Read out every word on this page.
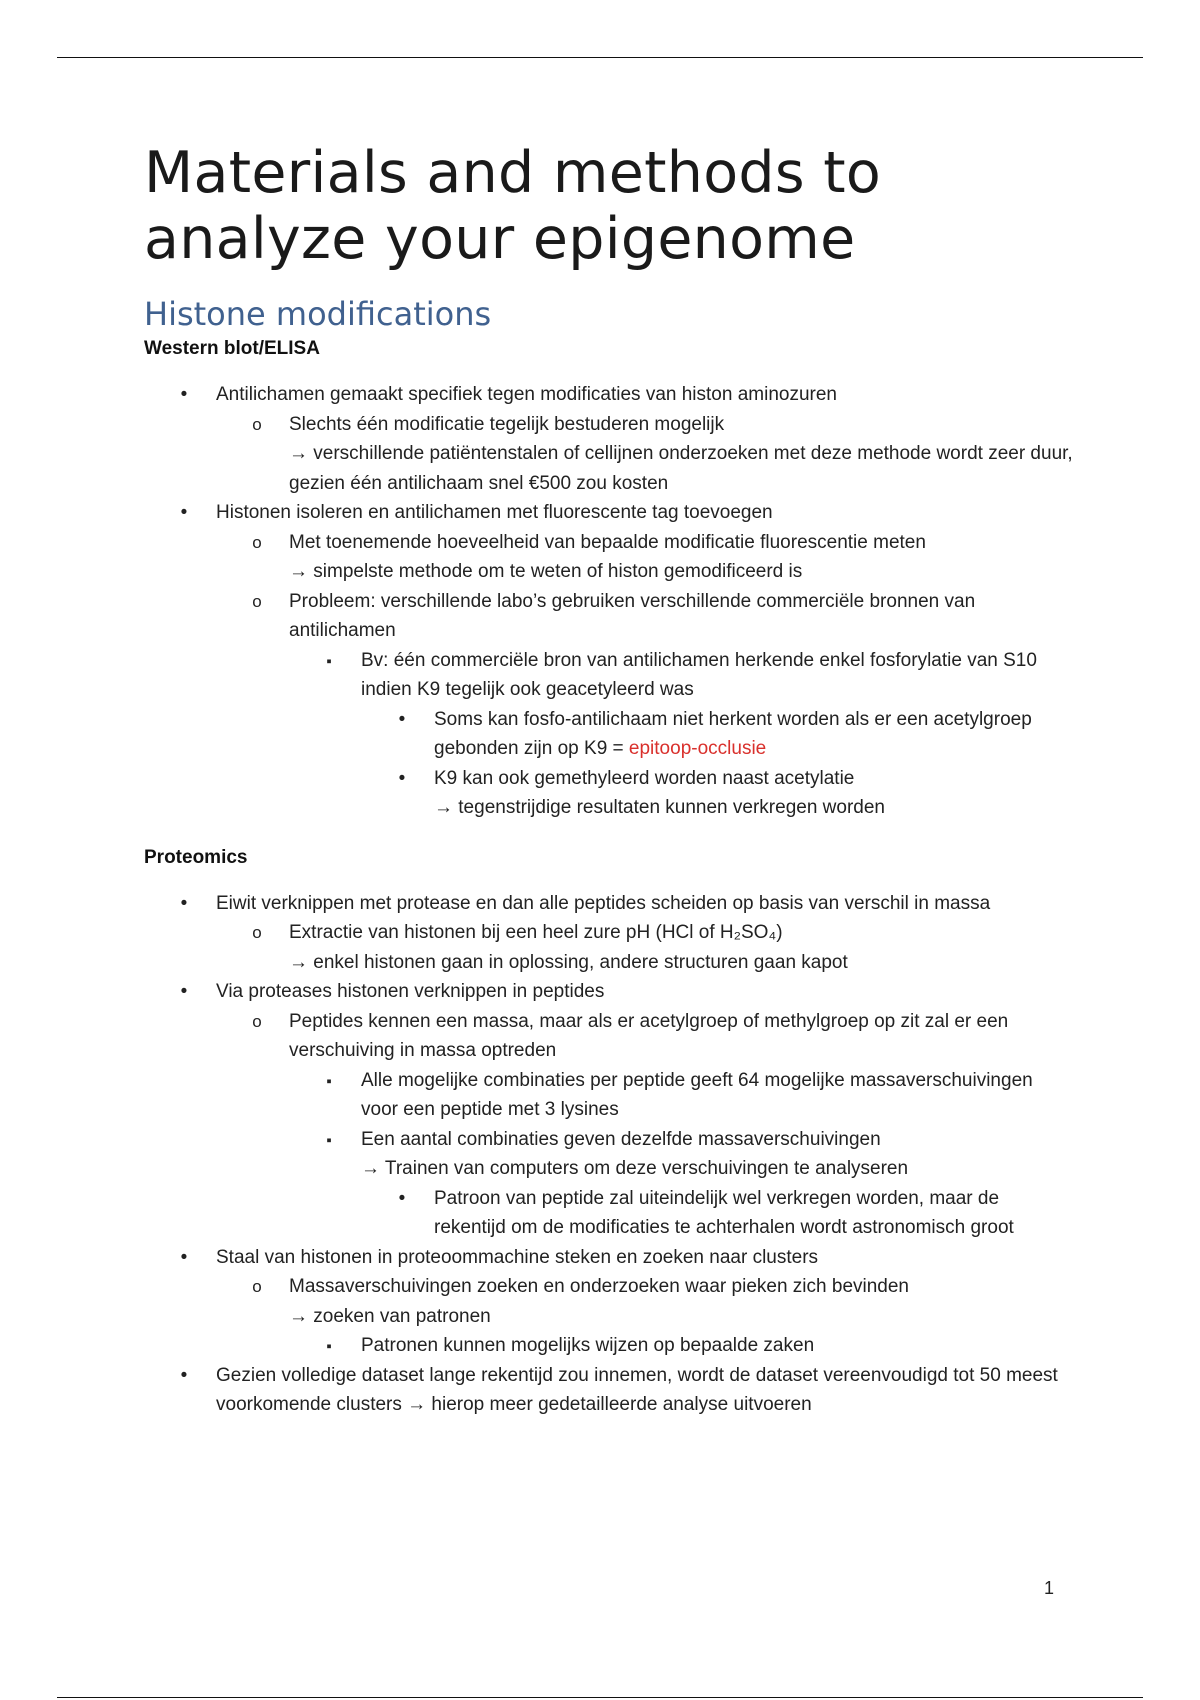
Materials and methods to analyze your epigenome
Histone modifications
Western blot/ELISA
•
Antilichamen gemaakt specifiek tegen modificaties van histon aminozuren
o
Slechts één modificatie tegelijk bestuderen mogelijk
→ verschillende patiëntenstalen of cellijnen onderzoeken met deze methode wordt zeer duur, gezien één antilichaam snel €500 zou kosten
•
Histonen isoleren en antilichamen met fluorescente tag toevoegen
o
Met toenemende hoeveelheid van bepaalde modificatie fluorescentie meten
→ simpelste methode om te weten of histon gemodificeerd is
o
Probleem: verschillende labo’s gebruiken verschillende commerciële bronnen van antilichamen
▪
Bv: één commerciële bron van antilichamen herkende enkel fosforylatie van S10 indien K9 tegelijk ook geacetyleerd was
•
Soms kan fosfo-antilichaam niet herkent worden als er een acetylgroep gebonden zijn op K9 = epitoop-occlusie
•
K9 kan ook gemethyleerd worden naast acetylatie
→ tegenstrijdige resultaten kunnen verkregen worden
Proteomics
•
Eiwit verknippen met protease en dan alle peptides scheiden op basis van verschil in massa
o
Extractie van histonen bij een heel zure pH (HCl of H₂SO₄)
→ enkel histonen gaan in oplossing, andere structuren gaan kapot
•
Via proteases histonen verknippen in peptides
o
Peptides kennen een massa, maar als er acetylgroep of methylgroep op zit zal er een verschuiving in massa optreden
▪
Alle mogelijke combinaties per peptide geeft 64 mogelijke massaverschuivingen voor een peptide met 3 lysines
▪
Een aantal combinaties geven dezelfde massaverschuivingen
→ Trainen van computers om deze verschuivingen te analyseren
•
Patroon van peptide zal uiteindelijk wel verkregen worden, maar de rekentijd om de modificaties te achterhalen wordt astronomisch groot
•
Staal van histonen in proteoommachine steken en zoeken naar clusters
o
Massaverschuivingen zoeken en onderzoeken waar pieken zich bevinden
→ zoeken van patronen
▪
Patronen kunnen mogelijks wijzen op bepaalde zaken
•
Gezien volledige dataset lange rekentijd zou innemen, wordt de dataset vereenvoudigd tot 50 meest voorkomende clusters → hierop meer gedetailleerde analyse uitvoeren
1
